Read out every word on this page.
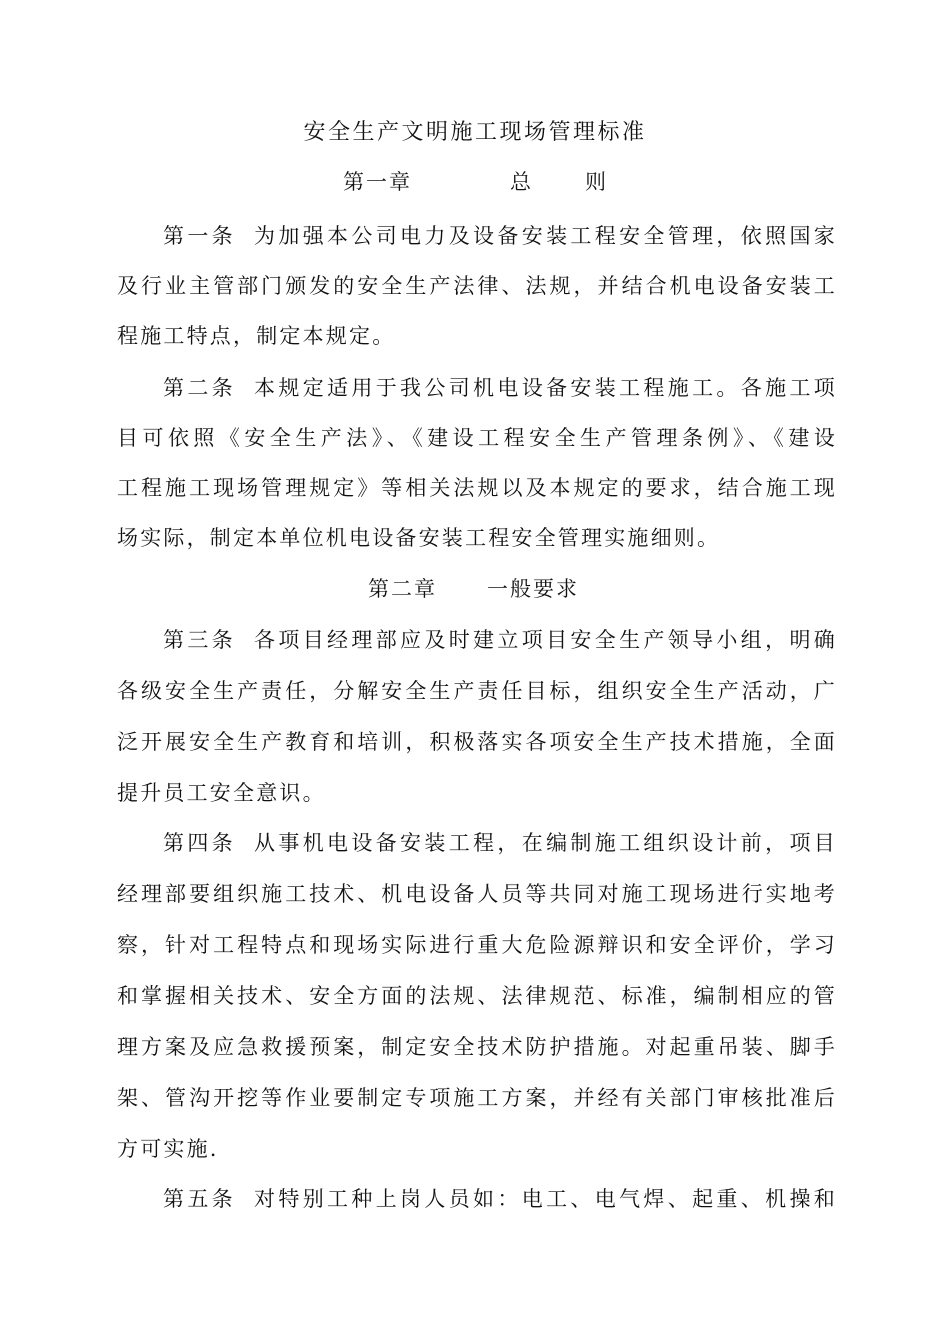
安全生产文明施工现场管理标准
第一章	总　　则
第一条 为加强本公司电力及设备安装工程安全管理，依照国家
及行业主管部门颁发的安全生产法律、法规，并结合机电设备安装工
程施工特点，制定本规定。
第二条 本规定适用于我公司机电设备安装工程施工。各施工项
目可依照《安全生产法》、《建设工程安全生产管理条例》、《建设
工程施工现场管理规定》等相关法规以及本规定的要求，结合施工现
场实际，制定本单位机电设备安装工程安全管理实施细则。
第二章 一般要求
第三条 各项目经理部应及时建立项目安全生产领导小组，明确
各级安全生产责任，分解安全生产责任目标，组织安全生产活动，广
泛开展安全生产教育和培训，积极落实各项安全生产技术措施，全面
提升员工安全意识。
第四条 从事机电设备安装工程，在编制施工组织设计前，项目
经理部要组织施工技术、机电设备人员等共同对施工现场进行实地考
察，针对工程特点和现场实际进行重大危险源辩识和安全评价，学习
和掌握相关技术、安全方面的法规、法律规范、标准，编制相应的管
理方案及应急救援预案，制定安全技术防护措施。对起重吊装、脚手
架、管沟开挖等作业要制定专项施工方案，并经有关部门审核批准后
方可实施.
第五条 对特别工种上岗人员如：电工、电气焊、起重、机操和
